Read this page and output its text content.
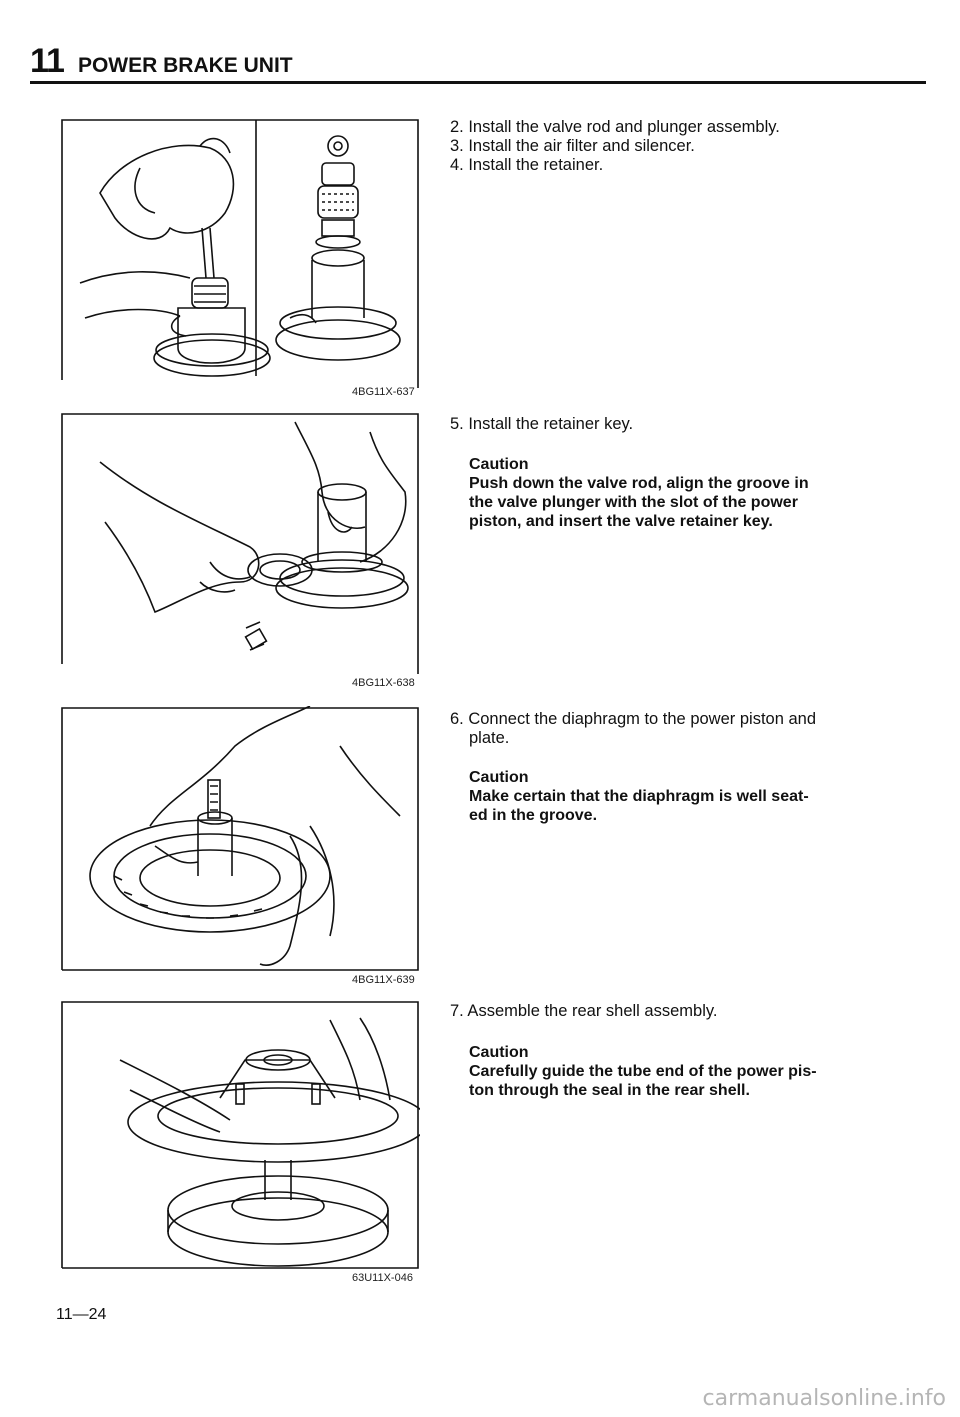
11 POWER BRAKE UNIT
4BG11X-637
4BG11X-638
4BG11X-639
63U11X-046
2. Install the valve rod and plunger assembly.
3. Install the air filter and silencer.
4. Install the retainer.
5. Install the retainer key.
Caution
Push down the valve rod, align the groove in
the valve plunger with the slot of the power
piston, and insert the valve retainer key.
6. Connect the diaphragm to the power piston and
plate.
Caution
Make certain that the diaphragm is well seat-
ed in the groove.
7. Assemble the rear shell assembly.
Caution
Carefully guide the tube end of the power pis-
ton through the seal in the rear shell.
11—24
carmanualsonline.info
